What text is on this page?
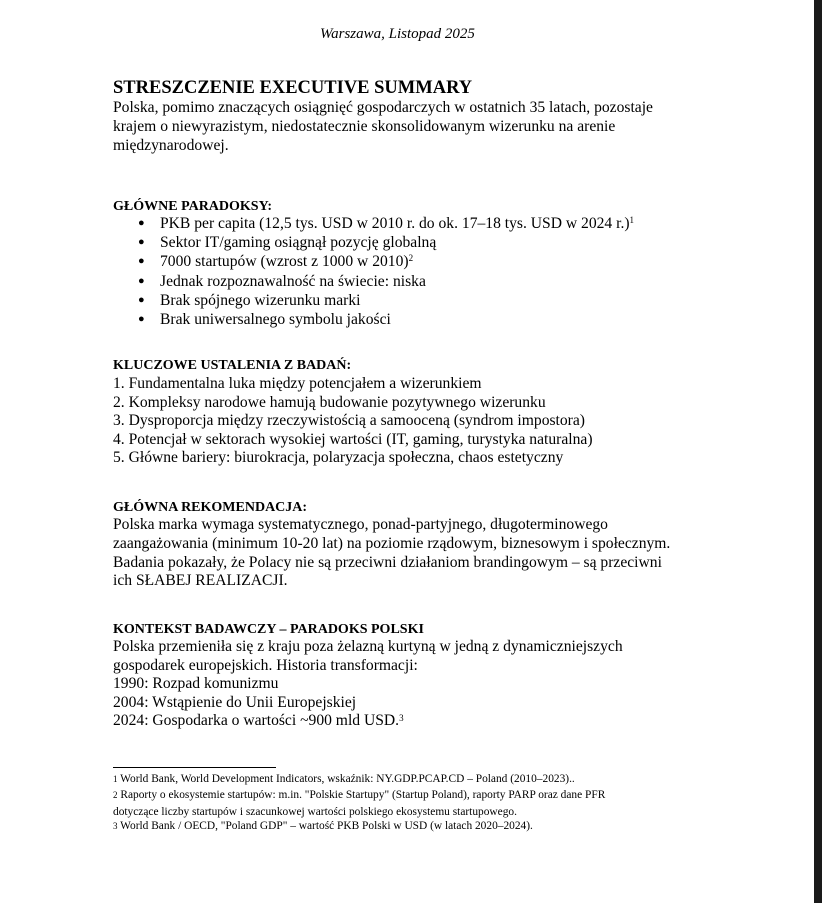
Warszawa, Listopad 2025
STRESZCZENIE EXECUTIVE SUMMARY
Polska, pomimo znaczących osiągnięć gospodarczych w ostatnich 35 latach, pozostaje
krajem o niewyrazistym, niedostatecznie skonsolidowanym wizerunku na arenie
międzynarodowej.
GŁÓWNE PARADOKSY:
● PKB per capita (12,5 tys. USD w 2010 r. do ok. 17–18 tys. USD w 2024 r.)$^1$
● Sektor IT/gaming osiągnął pozycję globalną
● 7000 startupów (wzrost z 1000 w 2010)$^2$
● Jednak rozpoznawalność na świecie: niska
● Brak spójnego wizerunku marki
● Brak uniwersalnego symbolu jakości
KLUCZOWE USTALENIA Z BADAŃ:
1. Fundamentalna luka między potencjałem a wizerunkiem
2. Kompleksy narodowe hamują budowanie pozytywnego wizerunku
3. Dysproporcja między rzeczywistością a samooceną (syndrom impostora)
4. Potencjał w sektorach wysokiej wartości (IT, gaming, turystyka naturalna)
5. Główne bariery: biurokracja, polaryzacja społeczna, chaos estetyczny
GŁÓWNA REKOMENDACJA:
Polska marka wymaga systematycznego, ponad-partyjnego, długoterminowego
zaangażowania (minimum 10-20 lat) na poziomie rządowym, biznesowym i społecznym.
Badania pokazały, że Polacy nie są przeciwni działaniom brandingowym – są przeciwni
ich SŁABEJ REALIZACJI.
KONTEKST BADAWCZY – PARADOKS POLSKI
Polska przemieniła się z kraju poza żelazną kurtyną w jedną z dynamiczniejszych
gospodarek europejskich. Historia transformacji:
1990: Rozpad komunizmu
2004: Wstąpienie do Unii Europejskiej
2024: Gospodarka o wartości ~900 mld USD.$^3$
$^1$ World Bank, World Development Indicators, wskaźnik: NY.GDP.PCAP.CD – Poland (2010–2023)..
$^2$ Raporty o ekosystemie startupów: m.in. "Polskie Startupy" (Startup Poland), raporty PARP oraz dane PFR
dotyczące liczby startupów i szacunkowej wartości polskiego ekosystemu startupowego.
$^3$ World Bank / OECD, "Poland GDP" – wartość PKB Polski w USD (w latach 2020–2024).
